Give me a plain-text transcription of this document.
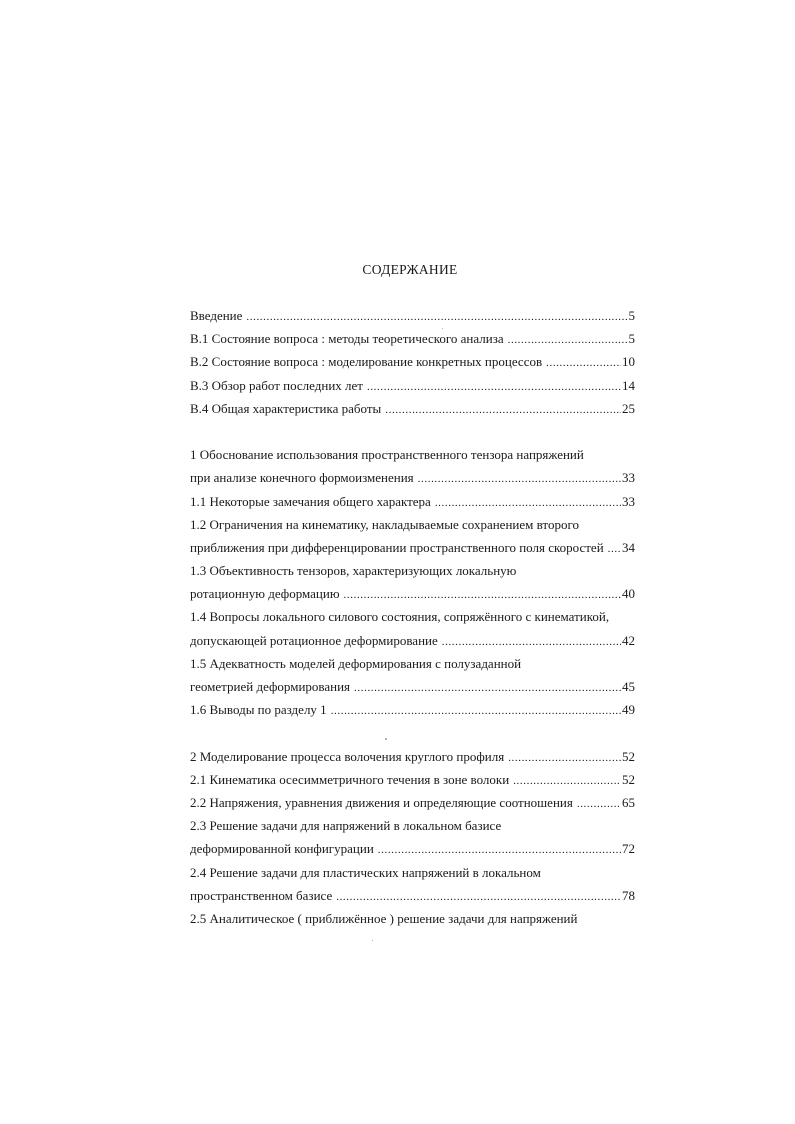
СОДЕРЖАНИЕ
Введение .....	5
В.1 Состояние вопроса : методы теоретического анализа .....	5
В.2 Состояние вопроса : моделирование конкретных процессов .....	10
В.3 Обзор работ последних лет .....	14
В.4 Общая характеристика работы .....	25
1 Обоснование использования пространственного тензора напряжений
при анализе конечного формоизменения .....	33
1.1 Некоторые замечания общего характера .....	33
1.2 Ограничения на кинематику, накладываемые сохранением второго
приближения при дифференцировании пространственного поля скоростей ..... 34
1.3 Объективность тензоров, характеризующих локальную
ротационную деформацию .....	40
1.4 Вопросы локального силового состояния, сопряжённого с кинематикой,
допускающей ротационное деформирование .....	42
1.5 Адекватность моделей деформирования с полузаданной
геометрией деформирования .....	45
1.6 Выводы по разделу 1 .....	49
2 Моделирование процесса волочения круглого профиля .....	52
2.1 Кинематика осесимметричного течения в зоне волоки .....	52
2.2 Напряжения, уравнения движения и определяющие соотношения .....	65
2.3 Решение задачи для напряжений в локальном базисе
деформированной конфигурации .....	72
2.4 Решение задачи для пластических напряжений в локальном
пространственном базисе .....	78
2.5 Аналитическое ( приближённое ) решение задачи для напряжений
